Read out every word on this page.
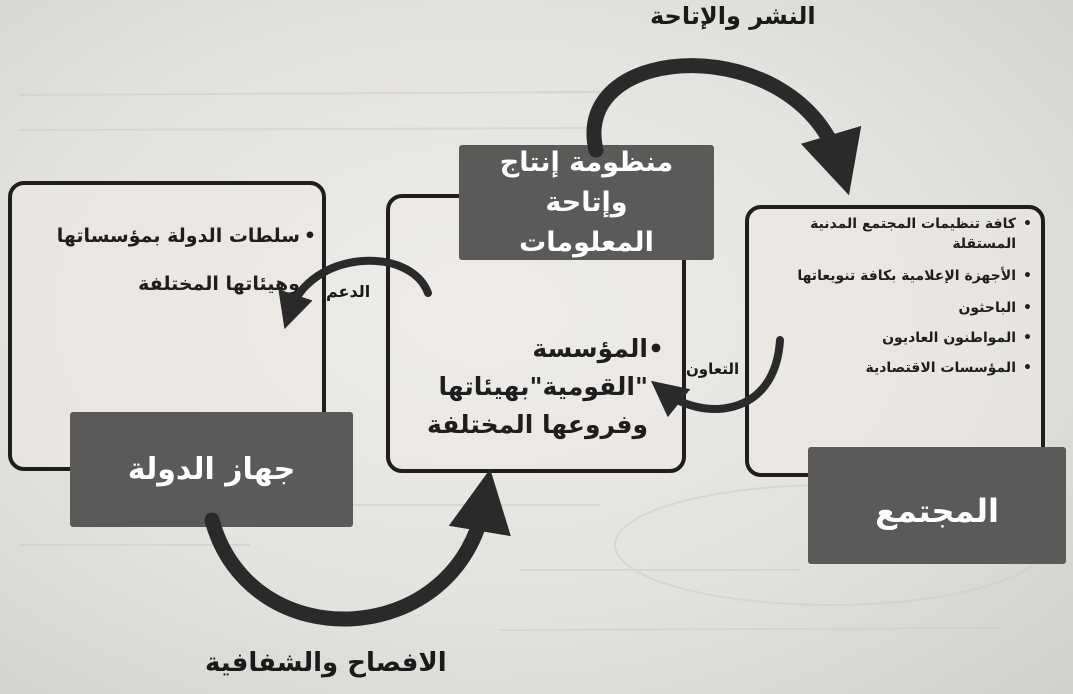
• سلطات الدولة بمؤسساتها وهيئاتها المختلفة
جهاز الدولة
• كافة تنظيمات المجتمع المدنية المستقلة
• الأجهزة الإعلامية بكافة تنويعاتها
• الباحثون
• المواطنون العاديون
• المؤسسات الاقتصادية
المجتمع
• المؤسسة "القومية"بهيئاتها وفروعها المختلفة
منظومة إنتاج وإتاحة المعلومات
النشر والإتاحة
الدعم
التعاون
الافصاح والشفافية
